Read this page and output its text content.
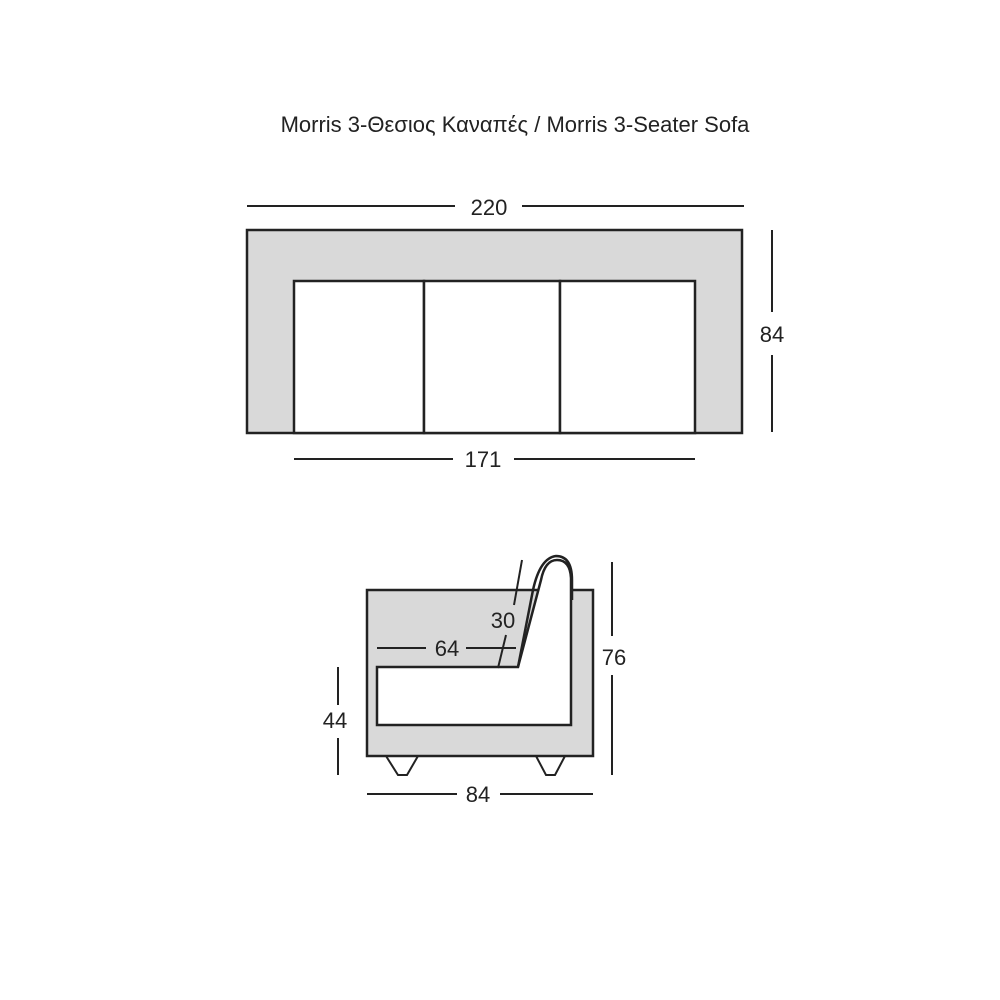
Morris 3-Θεσιος Καναπές / Morris 3-Seater Sofa
220
84
171
30
64	76
44
84
